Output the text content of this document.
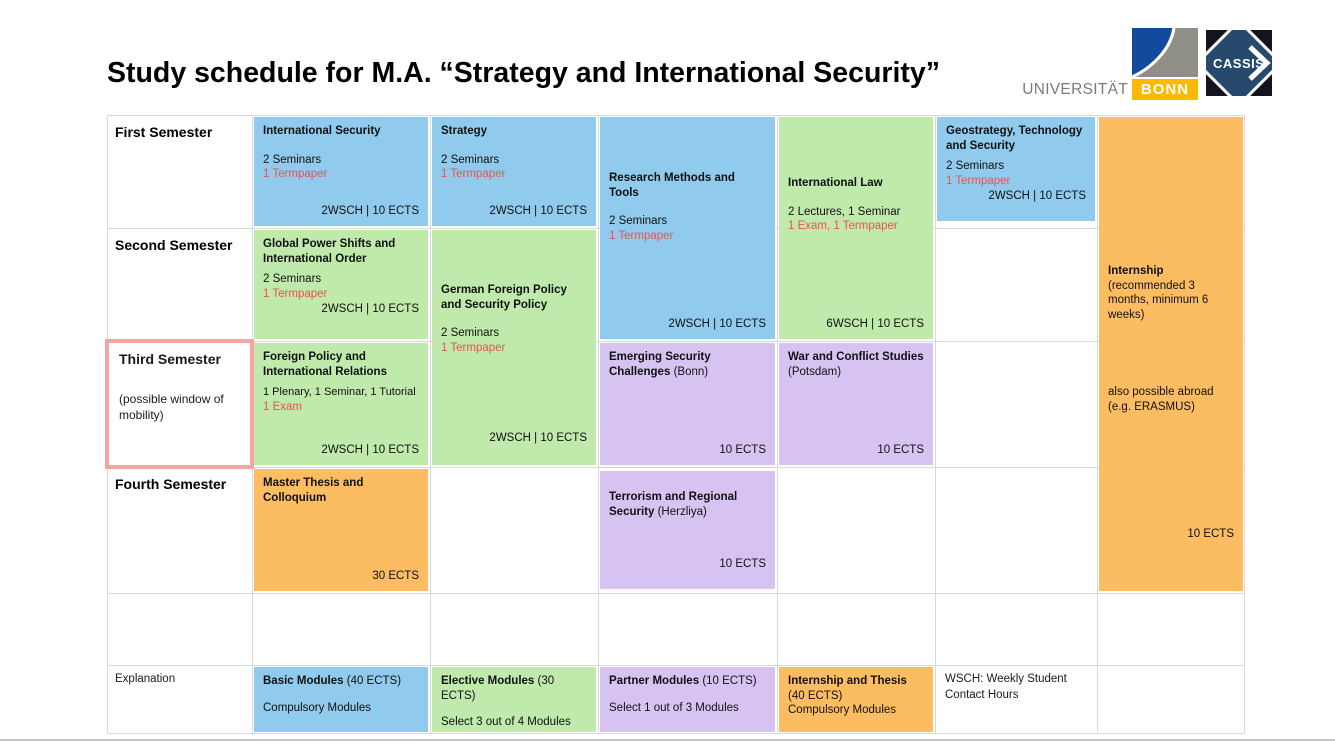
Study schedule for M.A. “Strategy and International Security”
UNIVERSITÄT BONN
CASSIS
First Semester
Second Semester
Third Semester
(possible window of mobility)
Fourth Semester
Explanation
International Security
2 Seminars
1 Termpaper
2WSCH | 10 ECTS
Strategy
2 Seminars
1 Termpaper
2WSCH | 10 ECTS
Research Methods and Tools
2 Seminars
1 Termpaper
2WSCH | 10 ECTS
International Law
2 Lectures, 1 Seminar
1 Exam, 1 Termpaper
6WSCH | 10 ECTS
Geostrategy, Technology and Security
2 Seminars
1 Termpaper
2WSCH | 10 ECTS
Internship
(recommended 3 months, minimum 6 weeks)
also possible abroad (e.g. ERASMUS)
10 ECTS
Global Power Shifts and International Order
2 Seminars
1 Termpaper
2WSCH | 10 ECTS
German Foreign Policy and Security Policy
2 Seminars
1 Termpaper
2WSCH | 10 ECTS
Foreign Policy and International Relations
1 Plenary, 1 Seminar, 1 Tutorial
1 Exam
2WSCH | 10 ECTS
Emerging Security Challenges (Bonn)
10 ECTS
War and Conflict Studies (Potsdam)
10 ECTS
Master Thesis and Colloquium
30 ECTS
Terrorism and Regional Security (Herzliya)
10 ECTS
Basic Modules (40 ECTS)
Compulsory Modules
Elective Modules (30 ECTS)
Select 3 out of 4 Modules
Partner Modules (10 ECTS)
Select 1 out of 3 Modules
Internship and Thesis (40 ECTS)
Compulsory Modules
WSCH: Weekly Student Contact Hours
